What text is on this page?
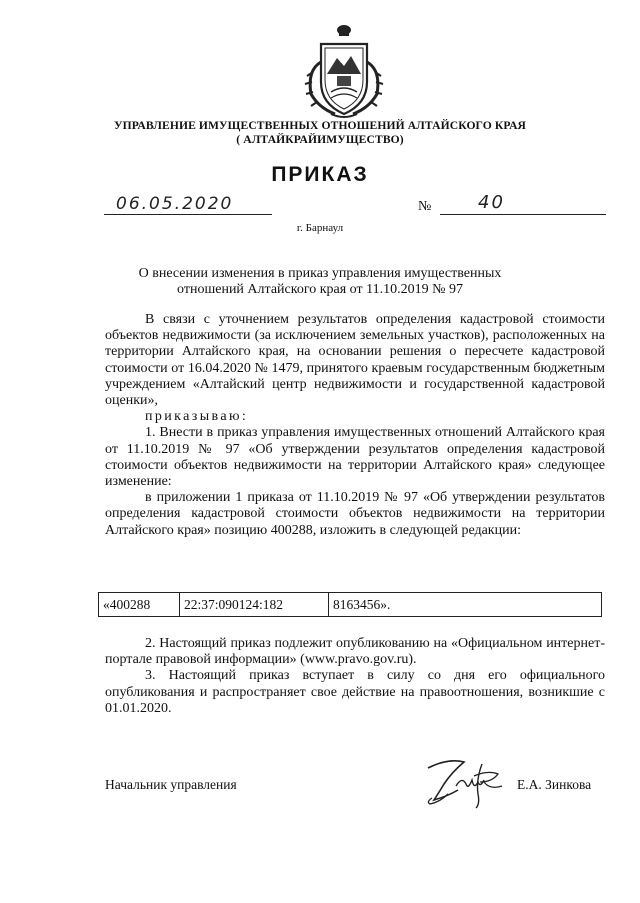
УПРАВЛЕНИЕ ИМУЩЕСТВЕННЫХ ОТНОШЕНИЙ АЛТАЙСКОГО КРАЯ
( АЛТАЙКРАЙИМУЩЕСТВО)
ПРИКАЗ
06.05.2020	№	40
г. Барнаул
О внесении изменения в приказ управления имущественных
отношений Алтайского края от 11.10.2019 № 97

В связи с уточнением результатов определения кадастровой стоимости объектов недвижимости (за исключением земельных участков), расположенных на территории Алтайского края, на основании решения о пересчете кадастровой стоимости от 16.04.2020 № 1479, принятого краевым государственным бюджетным учреждением «Алтайский центр недвижимости и государственной кадастровой оценки»,

приказываю:

1. Внести в приказ управления имущественных отношений Алтайского края от 11.10.2019 № 97 «Об утверждении результатов определения кадастровой стоимости объектов недвижимости на территории Алтайского края» следующее изменение:

в приложении 1 приказа от 11.10.2019 № 97 «Об утверждении результатов определения кадастровой стоимости объектов недвижимости на территории Алтайского края» позицию 400288, изложить в следующей редакции:

«400288	22:37:090124:182	8163456».

2. Настоящий приказ подлежит опубликованию на «Официальном интернет-портале правовой информации» (www.pravo.gov.ru).

3. Настоящий приказ вступает в силу со дня его официального опубликования и распространяет свое действие на правоотношения, возникшие с 01.01.2020.

Начальник управления	Е.А. Зинкова
